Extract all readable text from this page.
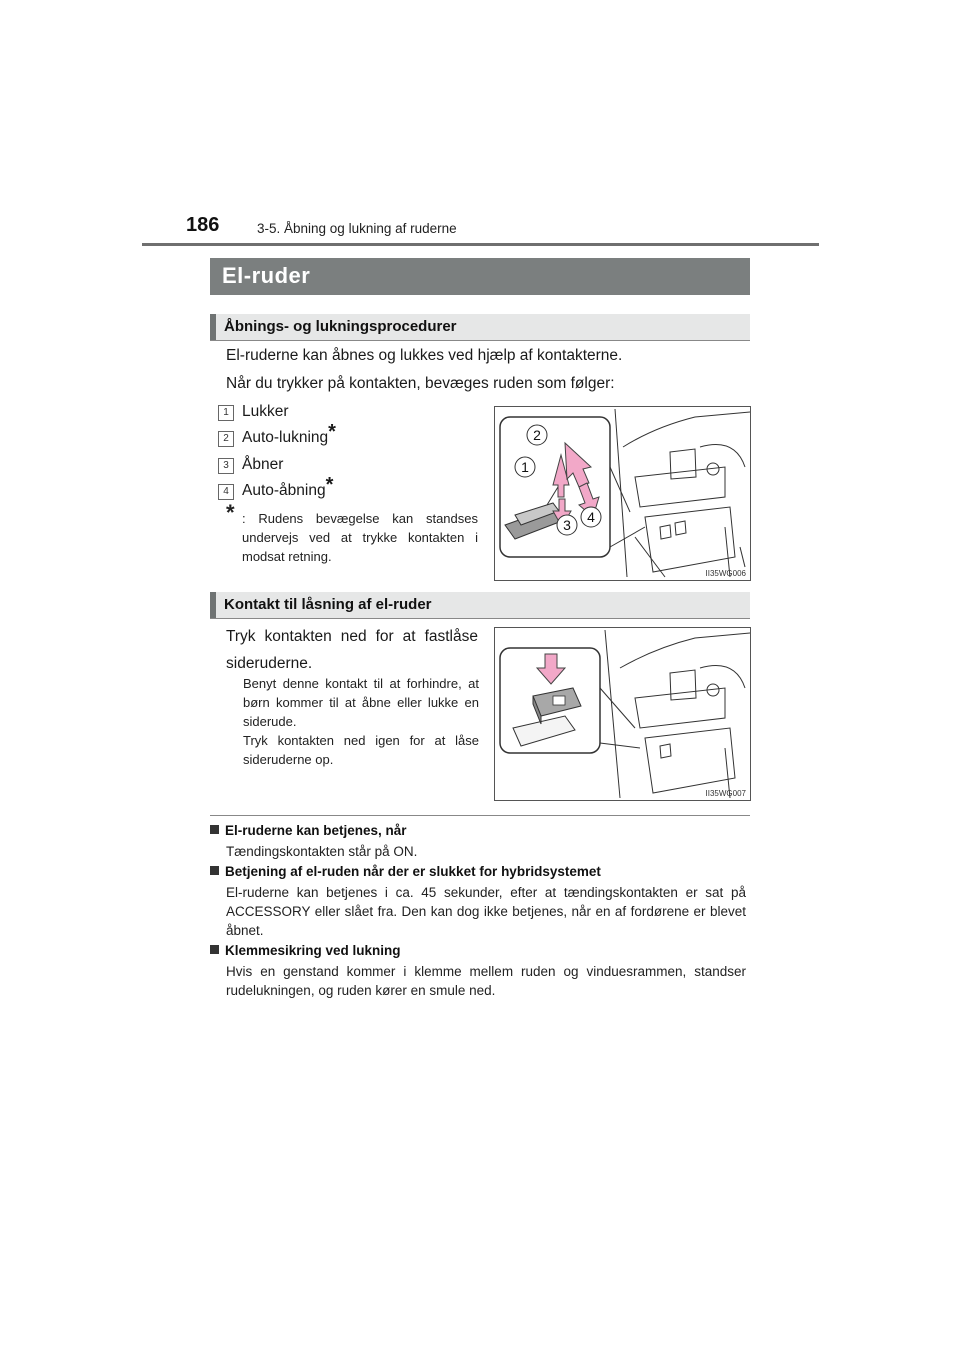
186	3-5. Åbning og lukning af ruderne
El-ruder
Åbnings- og lukningsprocedurer
El-ruderne kan åbnes og lukkes ved hjælp af kontakterne.
Når du trykker på kontakten, bevæges ruden som følger:
1 Lukker
2 Auto-lukning*
3 Åbner
4 Auto-åbning*
* : Rudens bevægelse kan standses undervejs ved at trykke kontakten i modsat retning.
2
1
3 4
II35WG006
Kontakt til låsning af el-ruder
Tryk kontakten ned for at fastlåse sideruderne.
Benyt denne kontakt til at forhindre, at børn kommer til at åbne eller lukke en siderude.
Tryk kontakten ned igen for at låse sideruderne op.
II35WG007
El-ruderne kan betjenes, når
Tændingskontakten står på ON.
Betjening af el-ruden når der er slukket for hybridsystemet
El-ruderne kan betjenes i ca. 45 sekunder, efter at tændingskontakten er sat på ACCESSORY eller slået fra. Den kan dog ikke betjenes, når en af fordørene er blevet åbnet.
Klemmesikring ved lukning
Hvis en genstand kommer i klemme mellem ruden og vinduesrammen, standser rudelukningen, og ruden kører en smule ned.
